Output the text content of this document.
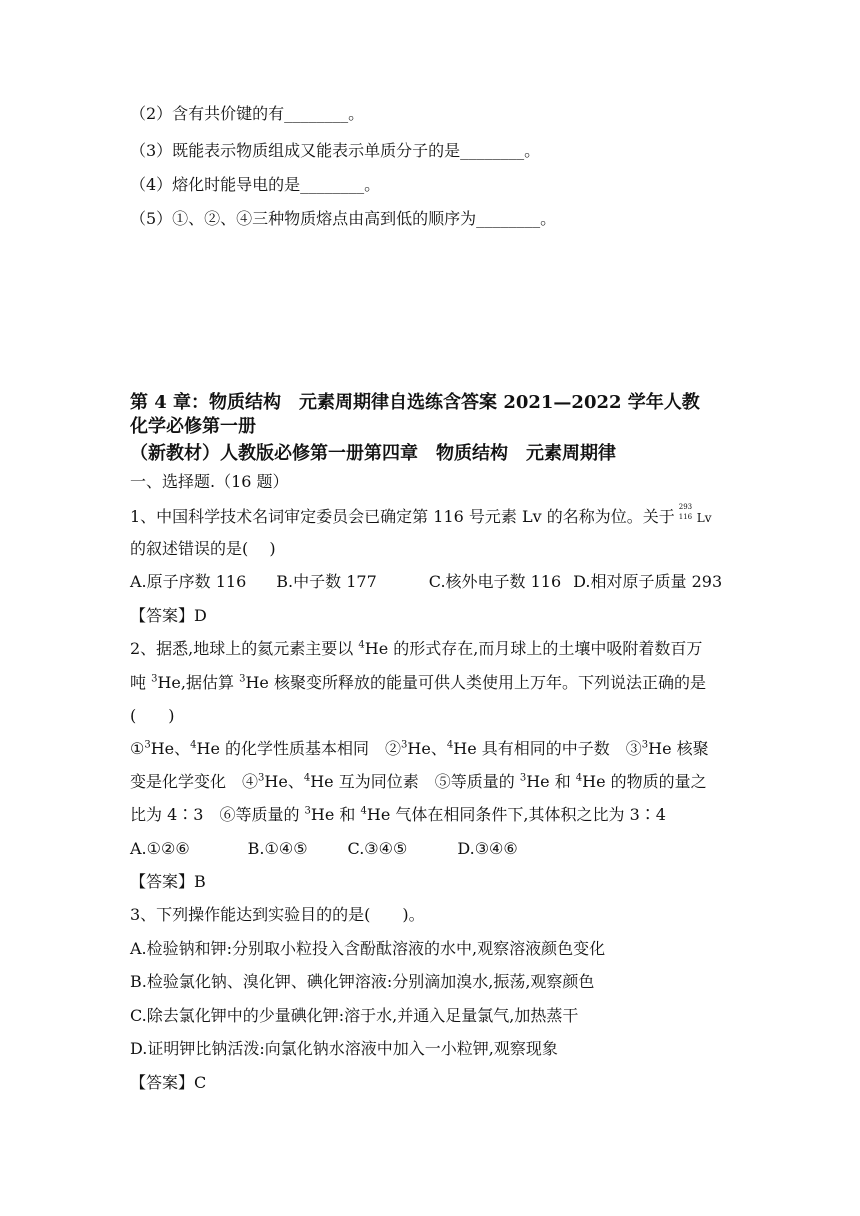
（2）含有共价键的有________。
（3）既能表示物质组成又能表示单质分子的是________。
（4）熔化时能导电的是________。
（5）①、②、④三种物质熔点由高到低的顺序为________。
第 4 章：物质结构　元素周期律自选练含答案 2021—2022 学年人教
化学必修第一册
（新教材）人教版必修第一册第四章　物质结构　元素周期律
一、选择题.（16 题）
1、中国科学技术名词审定委员会已确定第 116 号元素 Lv 的名称为位。关于 293
116 Lv
的叙述错误的是(　 )
A.原子序数 116 B.中子数 177	C.核外电子数 116 D.相对原子质量 293
【答案】D
2、据悉,地球上的氦元素主要以 $^4$He 的形式存在,而月球上的土壤中吸附着数百万
吨 $^3$He,据估算 $^3$He 核聚变所释放的能量可供人类使用上万年。下列说法正确的是
(　　)
①$^3$He、$^4$He 的化学性质基本相同　②$^3$He、$^4$He 具有相同的中子数　③$^3$He 核聚
变是化学变化　④$^3$He、$^4$He 互为同位素　⑤等质量的 $^3$He 和 $^4$He 的物质的量之
比为 4∶3　⑥等质量的 $^3$He 和 $^4$He 气体在相同条件下,其体积之比为 3∶4
A.①②⑥	B.①④⑤	C.③④⑤	D.③④⑥
【答案】B
3、下列操作能达到实验目的的是(　　)。
A.检验钠和钾:分别取小粒投入含酚酞溶液的水中,观察溶液颜色变化
B.检验氯化钠、溴化钾、碘化钾溶液:分别滴加溴水,振荡,观察颜色
C.除去氯化钾中的少量碘化钾:溶于水,并通入足量氯气,加热蒸干
D.证明钾比钠活泼:向氯化钠水溶液中加入一小粒钾,观察现象
【答案】C
